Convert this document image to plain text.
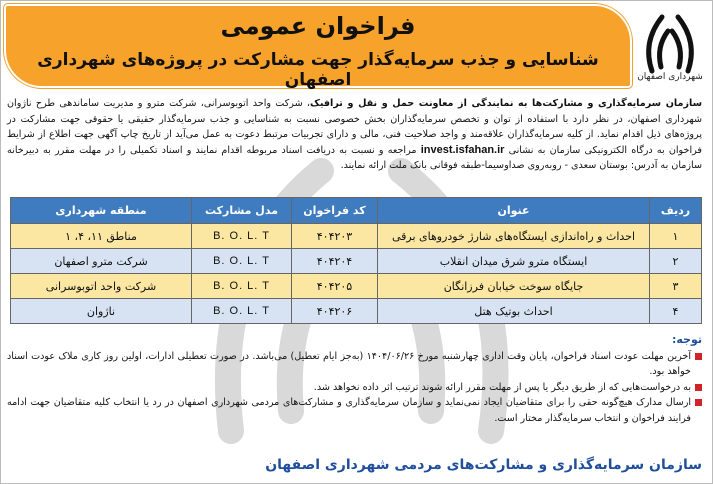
فراخوان عمومی
شناسایی و جذب سرمایه‌گذار جهت مشارکت در پروژه‌های شهرداری اصفهان	شهرداری اصفهان
سازمان سرمایه‌گذاری و مشارکت‌ها به نمایندگی از معاونت حمل و نقل و ترافیک، شرکت واحد اتوبوسرانی، شرکت مترو و مدیریت ساماندهی طرح ناژوان شهرداری اصفهان، در نظر دارد با استفاده از توان و تخصص سرمایه‌گذاران بخش خصوصی نسبت به شناسایی و جذب سرمایه‌گذار حقیقی یا حقوقی جهت مشارکت در پروژه‌های ذیل اقدام نماید. از کلیه سرمایه‌گذاران علاقه‌مند و واجد صلاحیت فنی، مالی و دارای تجربیات مرتبط دعوت به عمل می‌آید از تاریخ چاپ آگهی جهت اطلاع از شرایط فراخوان به درگاه الکترونیکی سازمان به نشانی invest.isfahan.ir مراجعه و نسبت به دریافت اسناد مربوطه اقدام نمایند و اسناد تکمیلی را در مهلت مقرر به دبیرخانه سازمان به آدرس: بوستان سعدی - روبه‌روی صداوسیما-طبقه فوقانی بانک ملت ارائه نمایند.
ردیف	عنوان	کد فراخوان	مدل مشارکت	منطقه شهرداری
۱	احداث و راه‌اندازی ایستگاه‌های شارژ خودروهای برقی	۴۰۴۲۰۳	B. O. L. T	مناطق ۱۱، ۴، ۱
۲	ایستگاه مترو شرق میدان انقلاب	۴۰۴۲۰۴	B. O. L. T	شرکت مترو اصفهان
۳	جایگاه سوخت خیابان فرزانگان	۴۰۴۲۰۵	B. O. L. T	شرکت واحد اتوبوسرانی
۴	احداث بوتیک هتل	۴۰۴۲۰۶	B. O. L. T	ناژوان
توجه:
آخرین مهلت عودت اسناد فراخوان، پایان وقت اداری چهارشنبه مورخ ۱۴۰۴/۰۶/۲۶ (به‌جز ایام تعطیل) می‌باشد. در صورت تعطیلی ادارات، اولین روز کاری ملاک عودت اسناد خواهد بود.
به درخواست‌هایی که از طریق دیگر یا پس از مهلت مقرر ارائه شوند ترتیب اثر داده نخواهد شد.
ارسال مدارک هیچ‌گونه حقی را برای متقاضیان ایجاد نمی‌نماید و سازمان سرمایه‌گذاری و مشارکت‌های مردمی شهرداری اصفهان در رد یا انتخاب کلیه متقاضیان جهت ادامه فرایند فراخوان و انتخاب سرمایه‌گذار مختار است.
سازمان سرمایه‌گذاری و مشارکت‌های مردمی شهرداری اصفهان
